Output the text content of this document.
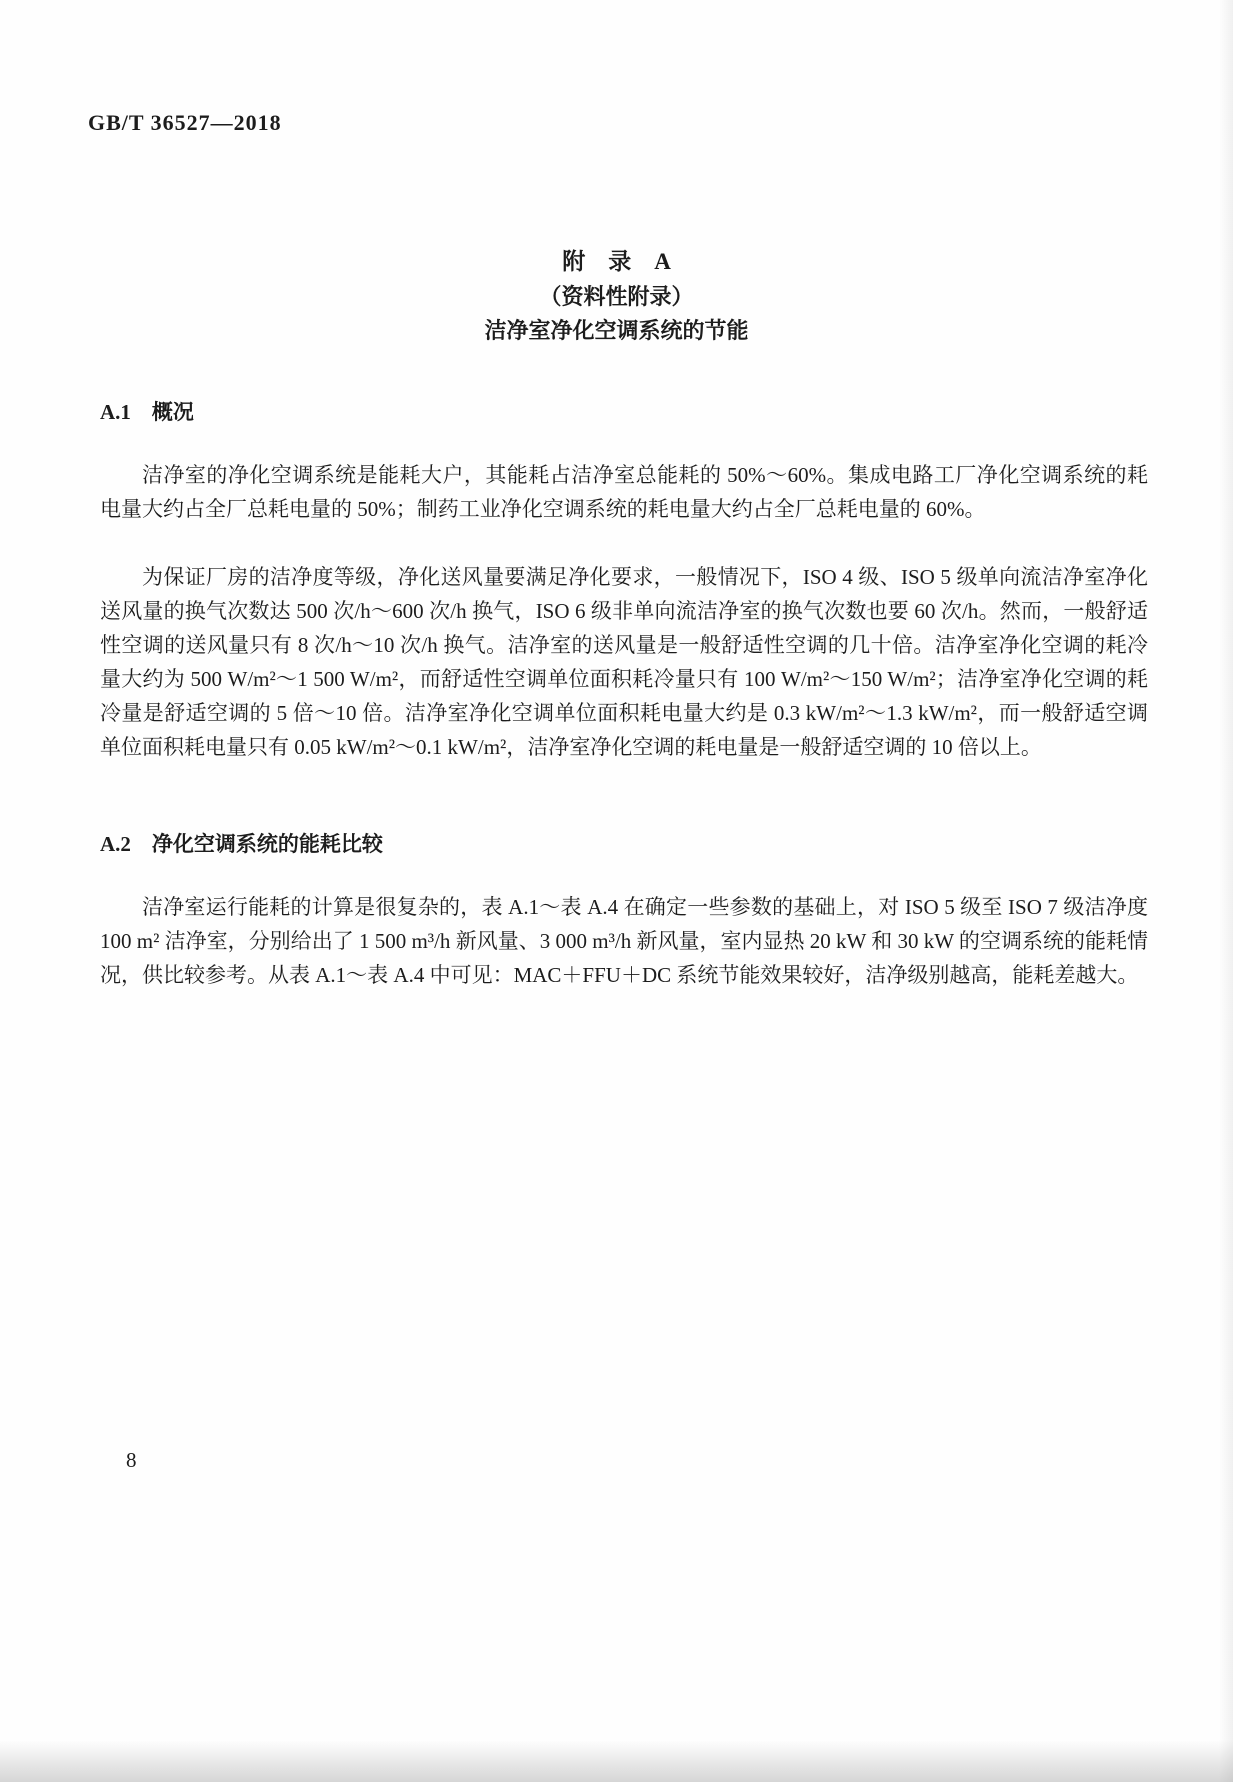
GB/T 36527—2018
附　录　A
（资料性附录）
洁净室净化空调系统的节能
A.1　概况

洁净室的净化空调系统是能耗大户，其能耗占洁净室总能耗的 50%～60%。集成电路工厂净化空调系统的耗电量大约占全厂总耗电量的 50%；制药工业净化空调系统的耗电量大约占全厂总耗电量的 60%。

为保证厂房的洁净度等级，净化送风量要满足净化要求，一般情况下，ISO 4 级、ISO 5 级单向流洁净室净化送风量的换气次数达 500 次/h～600 次/h 换气，ISO 6 级非单向流洁净室的换气次数也要 60 次/h。然而，一般舒适性空调的送风量只有 8 次/h～10 次/h 换气。洁净室的送风量是一般舒适性空调的几十倍。洁净室净化空调的耗冷量大约为 500 W/m²～1 500 W/m²，而舒适性空调单位面积耗冷量只有 100 W/m²～150 W/m²；洁净室净化空调的耗冷量是舒适空调的 5 倍～10 倍。洁净室净化空调单位面积耗电量大约是 0.3 kW/m²～1.3 kW/m²，而一般舒适空调单位面积耗电量只有 0.05 kW/m²～0.1 kW/m²，洁净室净化空调的耗电量是一般舒适空调的 10 倍以上。

A.2　净化空调系统的能耗比较

洁净室运行能耗的计算是很复杂的，表 A.1～表 A.4 在确定一些参数的基础上，对 ISO 5 级至 ISO 7 级洁净度 100 m² 洁净室，分别给出了 1 500 m³/h 新风量、3 000 m³/h 新风量，室内显热 20 kW 和 30 kW 的空调系统的能耗情况，供比较参考。从表 A.1～表 A.4 中可见：MAC＋FFU＋DC 系统节能效果较好，洁净级别越高，能耗差越大。

8
